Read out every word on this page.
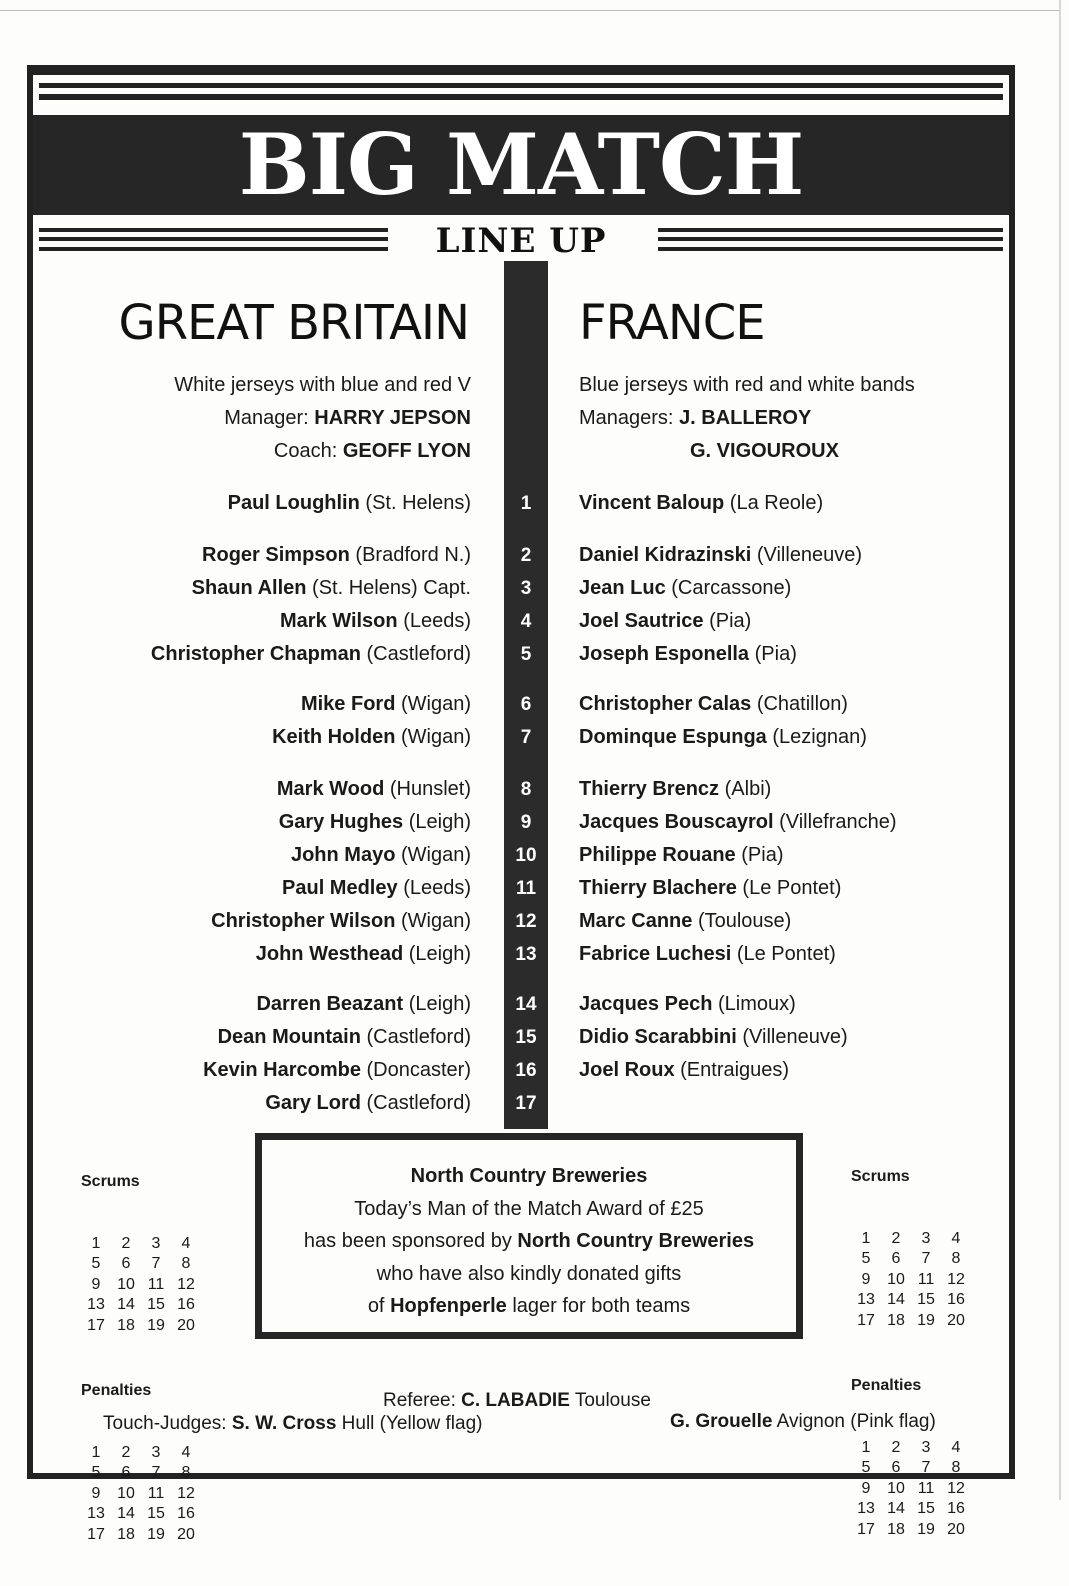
BIG MATCH
LINE UP
GREAT BRITAIN FRANCE
White jerseys with blue and red V
Manager: HARRY JEPSON
Coach: GEOFF LYON
Blue jerseys with red and white bands
Managers: J. BALLEROY
G. VIGOUROUX
Paul Loughlin (St. Helens)	1	Vincent Baloup (La Reole)
Roger Simpson (Bradford N.)	2	Daniel Kidrazinski (Villeneuve)
Shaun Allen (St. Helens) Capt.	3	Jean Luc (Carcassone)
Mark Wilson (Leeds)	4	Joel Sautrice (Pia)
Christopher Chapman (Castleford)	5	Joseph Esponella (Pia)
Mike Ford (Wigan)	6	Christopher Calas (Chatillon)
Keith Holden (Wigan)	7	Dominque Espunga (Lezignan)
Mark Wood (Hunslet)	8	Thierry Brencz (Albi)
Gary Hughes (Leigh)	9	Jacques Bouscayrol (Villefranche)
John Mayo (Wigan)	10	Philippe Rouane (Pia)
Paul Medley (Leeds)	11	Thierry Blachere (Le Pontet)
Christopher Wilson (Wigan)	12	Marc Canne (Toulouse)
John Westhead (Leigh)	13	Fabrice Luchesi (Le Pontet)
Darren Beazant (Leigh)	14	Jacques Pech (Limoux)
Dean Mountain (Castleford)	15	Didio Scarabbini (Villeneuve)
Kevin Harcombe (Doncaster)	16	Joel Roux (Entraigues)
Gary Lord (Castleford)	17

Scrums

1	2	3	4
5	6	7	8
9	10 11 12
13 14 15 16
17 18 19 20

Penalties

1	2	3	4
5	6	7	8
9	10 11 12
13 14 15 16
17 18 19 20

Scrums

1	2	3	4
5	6	7	8
9	10 11 12
13 14 15 16
17 18 19 20

Penalties

1	2	3	4
5	6	7	8
9	10 11 12
13 14 15 16
17 18 19 20

North Country Breweries
Today’s Man of the Match Award of £25
has been sponsored by North Country Breweries
who have also kindly donated gifts
of Hopfenperle lager for both teams
Referee: C. LABADIE Toulouse
Touch-Judges: S. W. Cross Hull (Yellow flag)	G. Grouelle Avignon (Pink flag)
